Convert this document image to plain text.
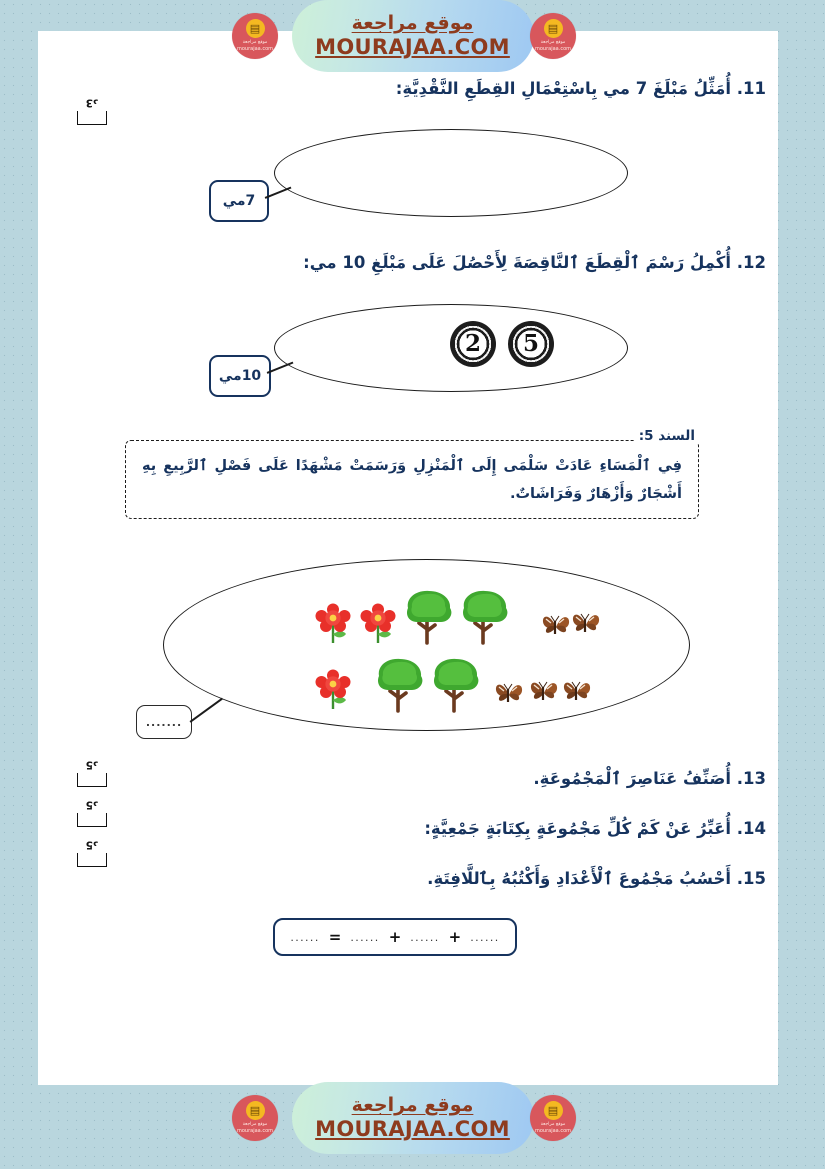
11. أُمَثِّلُ مَبْلَغَ 7 مي بِاسْتِعْمَالِ القِطَعِ النَّقْدِيَّةِ:
7مي
12. أُكْمِلُ رَسْمَ ٱلْقِطَعَ ٱلنَّاقِصَةَ لِأَحْصُلَ عَلَى مَبْلَغِ 10 مي:
2 5
10مي
السند 5:
فِي ٱلْمَسَاءِ عَادَتْ سَلْمَى إِلَى ٱلْمَنْزِلِ وَرَسَمَتْ مَشْهَدًا عَلَى فَصْلِ ٱلرَّبِيعِ بِهِ أَشْجَارٌ وَأَزْهَارٌ وَفَرَاشَاتٌ.
.......
13. أُصَنِّفُ عَنَاصِرَ ٱلْمَجْمُوعَةِ.
14. أُعَبِّرُ عَنْ كَمْ كُلِّ مَجْمُوعَةٍ بِكِتَابَةٍ جَمْعِيَّةٍ:
15. أَحْسُبُ مَجْمُوعَ ٱلْأَعْدَادِ وَأَكْتُبُهُ بِٱللَّافِتَةِ.
...... = ...... + ...... + ......
3د
5د
5د
5د
▤
موقع مراجعة
mourajaa.com
موقع مراجعة
MOURAJAA.COM
▤
موقع مراجعة
mourajaa.com
▤
موقع مراجعة
mourajaa.com
موقع مراجعة
MOURAJAA.COM
▤
موقع مراجعة
mourajaa.com
